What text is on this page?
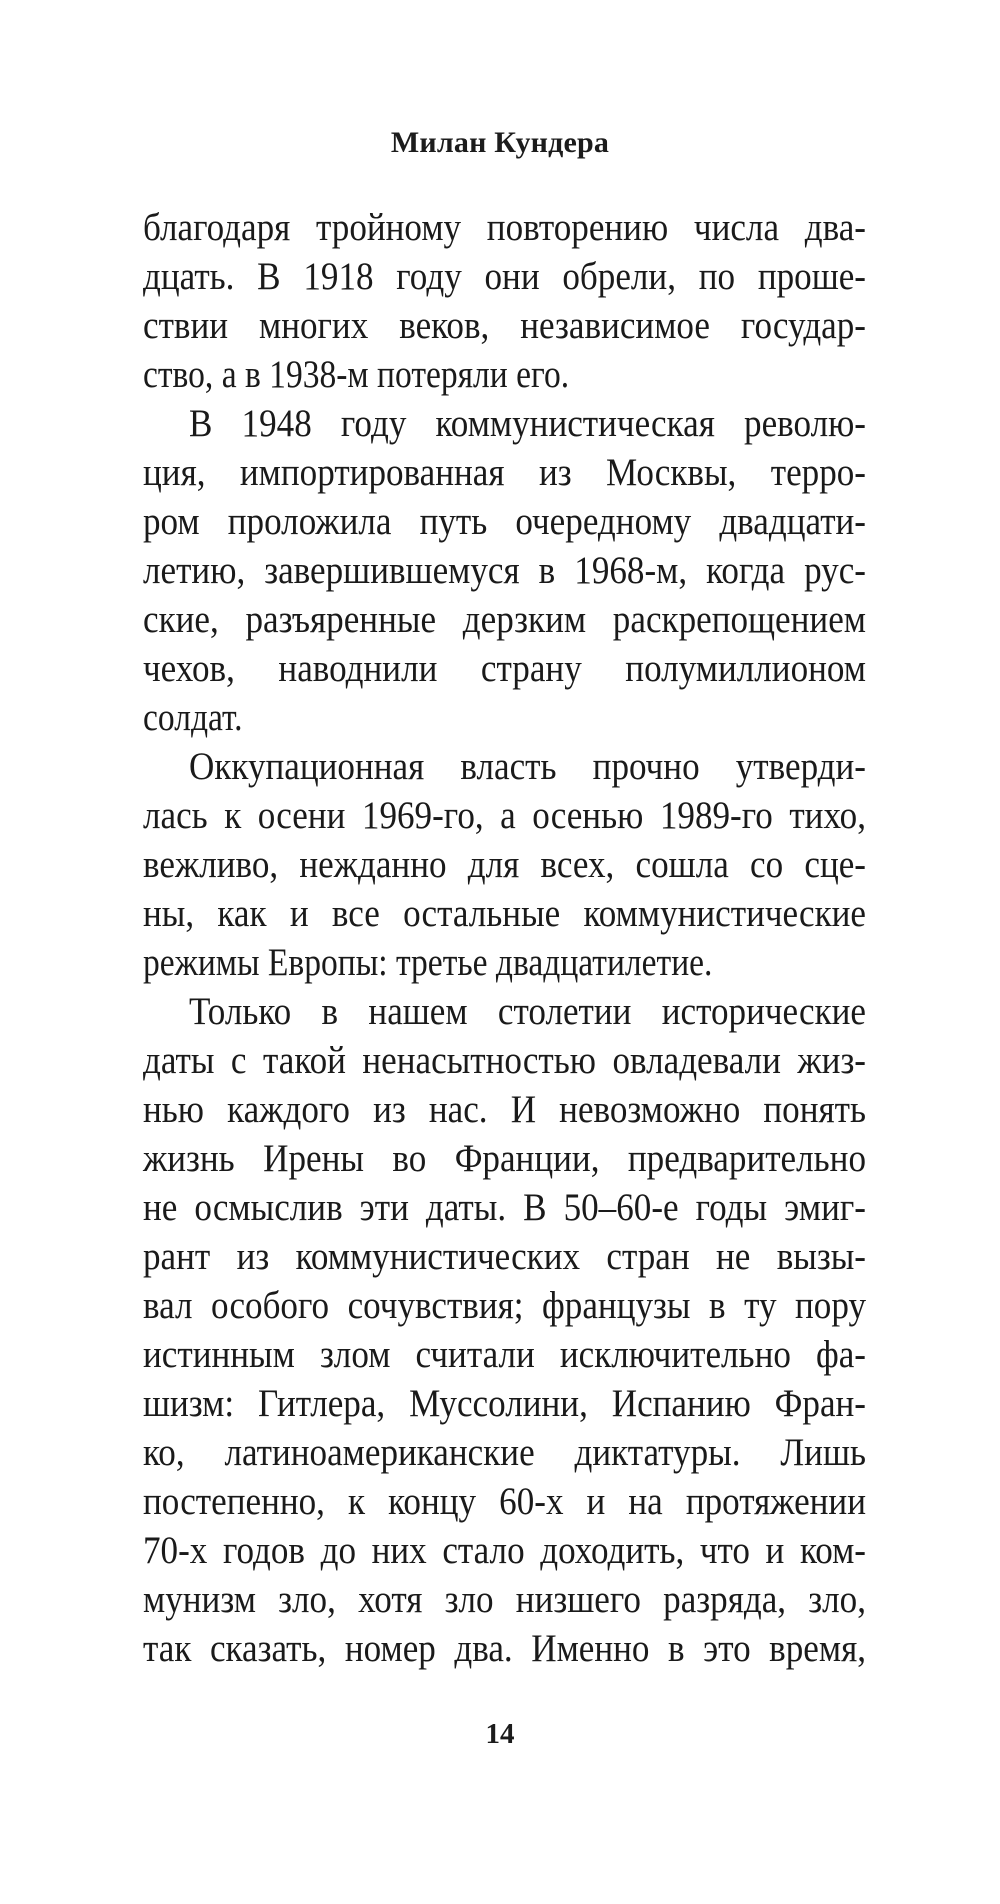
Милан Кундера
благодаря тройному повторению числа два-
дцать. В 1918 году они обрели, по проше-
ствии многих веков, независимое государ-
ство, а в 1938-м потеряли его.
В 1948 году коммунистическая револю-
ция, импортированная из Москвы, терро-
ром проложила путь очередному двадцати-
летию, завершившемуся в 1968-м, когда рус-
ские, разъяренные дерзким раскрепощением
чехов, наводнили страну полумиллионом
солдат.
Оккупационная власть прочно утверди-
лась к осени 1969-го, а осенью 1989-го тихо,
вежливо, нежданно для всех, сошла со сце-
ны, как и все остальные коммунистические
режимы Европы: третье двадцатилетие.
Только в нашем столетии исторические
даты с такой ненасытностью овладевали жиз-
нью каждого из нас. И невозможно понять
жизнь Ирены во Франции, предварительно
не осмыслив эти даты. В 50–60-е годы эмиг-
рант из коммунистических стран не вызы-
вал особого сочувствия; французы в ту пору
истинным злом считали исключительно фа-
шизм: Гитлера, Муссолини, Испанию Фран-
ко, латиноамериканские диктатуры. Лишь
постепенно, к концу 60-х и на протяжении
70-х годов до них стало доходить, что и ком-
мунизм зло, хотя зло низшего разряда, зло,
так сказать, номер два. Именно в это время,
14
